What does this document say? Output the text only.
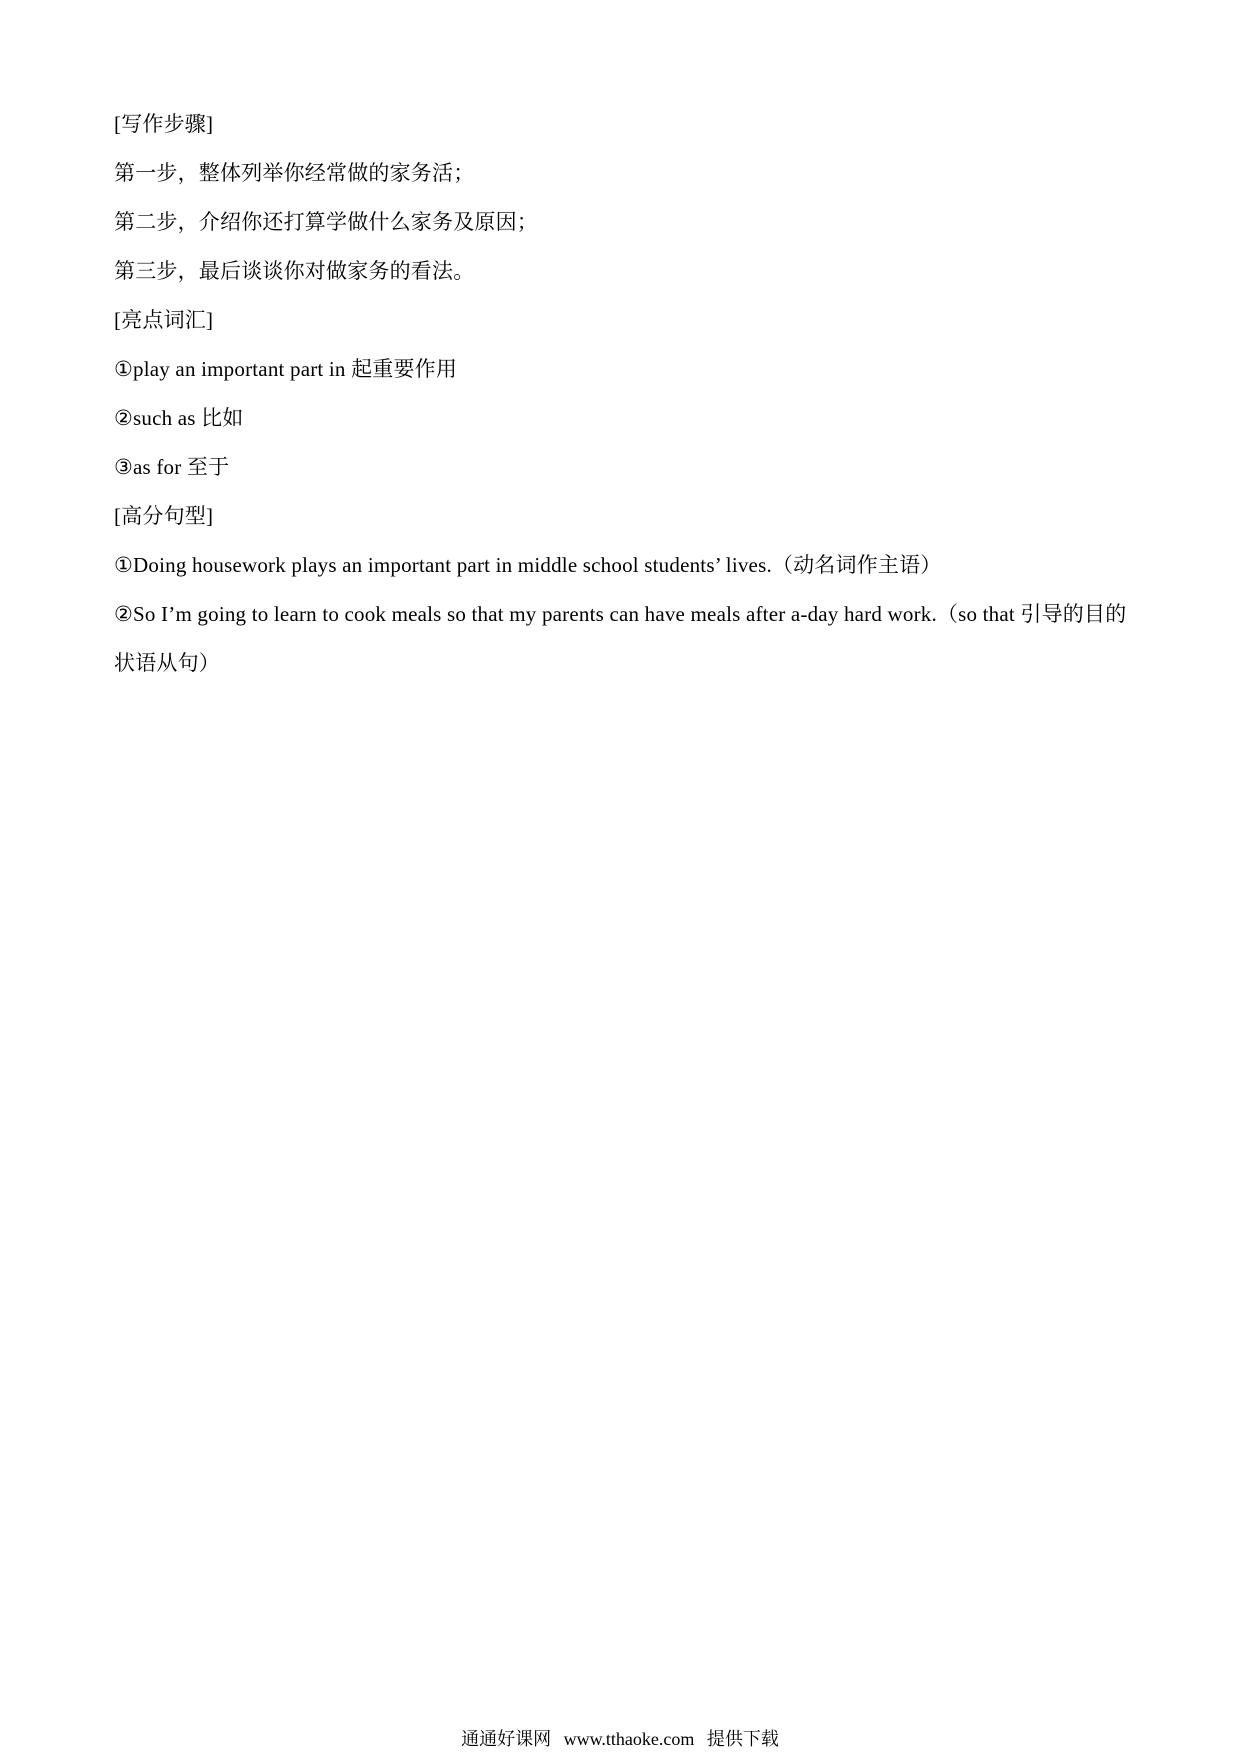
[写作步骤]
第一步，整体列举你经常做的家务活；
第二步，介绍你还打算学做什么家务及原因；
第三步，最后谈谈你对做家务的看法。
[亮点词汇]
①play an important part in 起重要作用
②such as 比如
③as for 至于
[高分句型]
①Doing housework plays an important part in middle school students’ lives.（动名词作主语）
②So I’m going to learn to cook meals so that my parents can have meals after a-day hard work.（so that 引导的目的状语从句）
通通好课网 www.tthaoke.com 提供下载
